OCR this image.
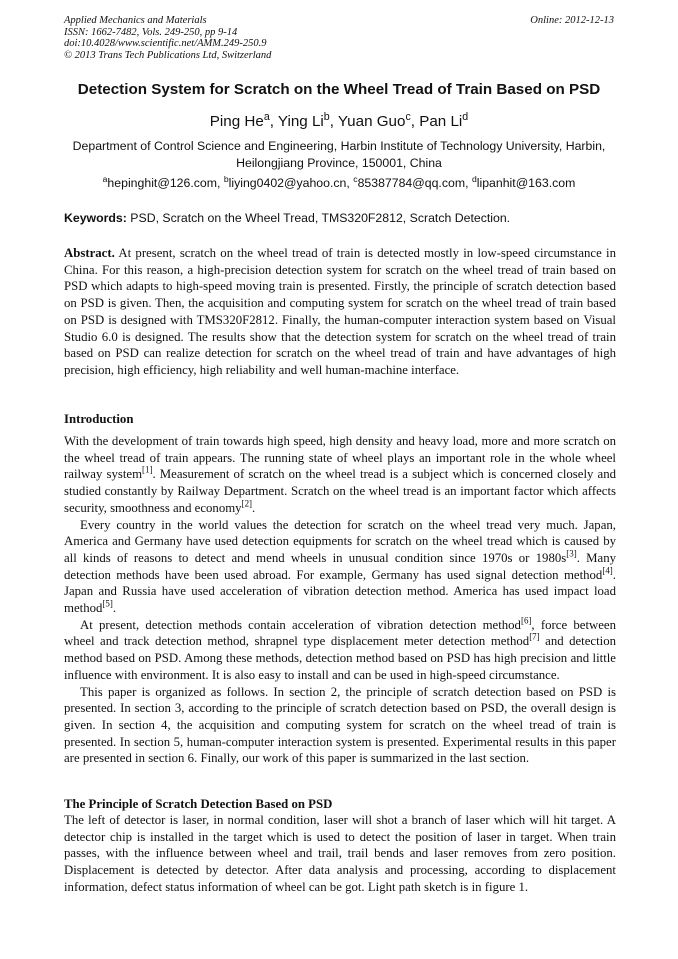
Applied Mechanics and Materials
ISSN: 1662-7482, Vols. 249-250, pp 9-14
doi:10.4028/www.scientific.net/AMM.249-250.9
© 2013 Trans Tech Publications Ltd, Switzerland
Online: 2012-12-13
Detection System for Scratch on the Wheel Tread of Train Based on PSD
Ping He$^a$, Ying Li$^b$, Yuan Guo$^c$, Pan Li$^d$
Department of Control Science and Engineering, Harbin Institute of Technology University, Harbin, Heilongjiang Province, 150001, China
$^a$hepinghit@126.com, $^b$liying0402@yahoo.cn, $^c$85387784@qq.com, $^d$lipanhit@163.com
Keywords: PSD, Scratch on the Wheel Tread, TMS320F2812, Scratch Detection.
Abstract. At present, scratch on the wheel tread of train is detected mostly in low-speed circumstance in China. For this reason, a high-precision detection system for scratch on the wheel tread of train based on PSD which adapts to high-speed moving train is presented. Firstly, the principle of scratch detection based on PSD is given. Then, the acquisition and computing system for scratch on the wheel tread of train based on PSD is designed with TMS320F2812. Finally, the human-computer interaction system based on Visual Studio 6.0 is designed. The results show that the detection system for scratch on the wheel tread of train based on PSD can realize detection for scratch on the wheel tread of train and have advantages of high precision, high efficiency, high reliability and well human-machine interface.
Introduction

With the development of train towards high speed, high density and heavy load, more and more scratch on the wheel tread of train appears. The running state of wheel plays an important role in the whole wheel railway system[1]. Measurement of scratch on the wheel tread is a subject which is concerned closely and studied constantly by Railway Department. Scratch on the wheel tread is an important factor which affects security, smoothness and economy[2].

Every country in the world values the detection for scratch on the wheel tread very much. Japan, America and Germany have used detection equipments for scratch on the wheel tread which is caused by all kinds of reasons to detect and mend wheels in unusual condition since 1970s or 1980s[3]. Many detection methods have been used abroad. For example, Germany has used signal detection method[4]. Japan and Russia have used acceleration of vibration detection method. America has used impact load method[5].

At present, detection methods contain acceleration of vibration detection method[6], force between wheel and track detection method, shrapnel type displacement meter detection method[7] and detection method based on PSD. Among these methods, detection method based on PSD has high precision and little influence with environment. It is also easy to install and can be used in high-speed circumstance.

This paper is organized as follows. In section 2, the principle of scratch detection based on PSD is presented. In section 3, according to the principle of scratch detection based on PSD, the overall design is given. In section 4, the acquisition and computing system for scratch on the wheel tread of train is presented. In section 5, human-computer interaction system is presented. Experimental results in this paper are presented in section 6. Finally, our work of this paper is summarized in the last section.

The Principle of Scratch Detection Based on PSD

The left of detector is laser, in normal condition, laser will shot a branch of laser which will hit target. A detector chip is installed in the target which is used to detect the position of laser in target. When train passes, with the influence between wheel and trail, trail bends and laser removes from zero position. Displacement is detected by detector. After data analysis and processing, according to displacement information, defect status information of wheel can be got. Light path sketch is in figure 1.
